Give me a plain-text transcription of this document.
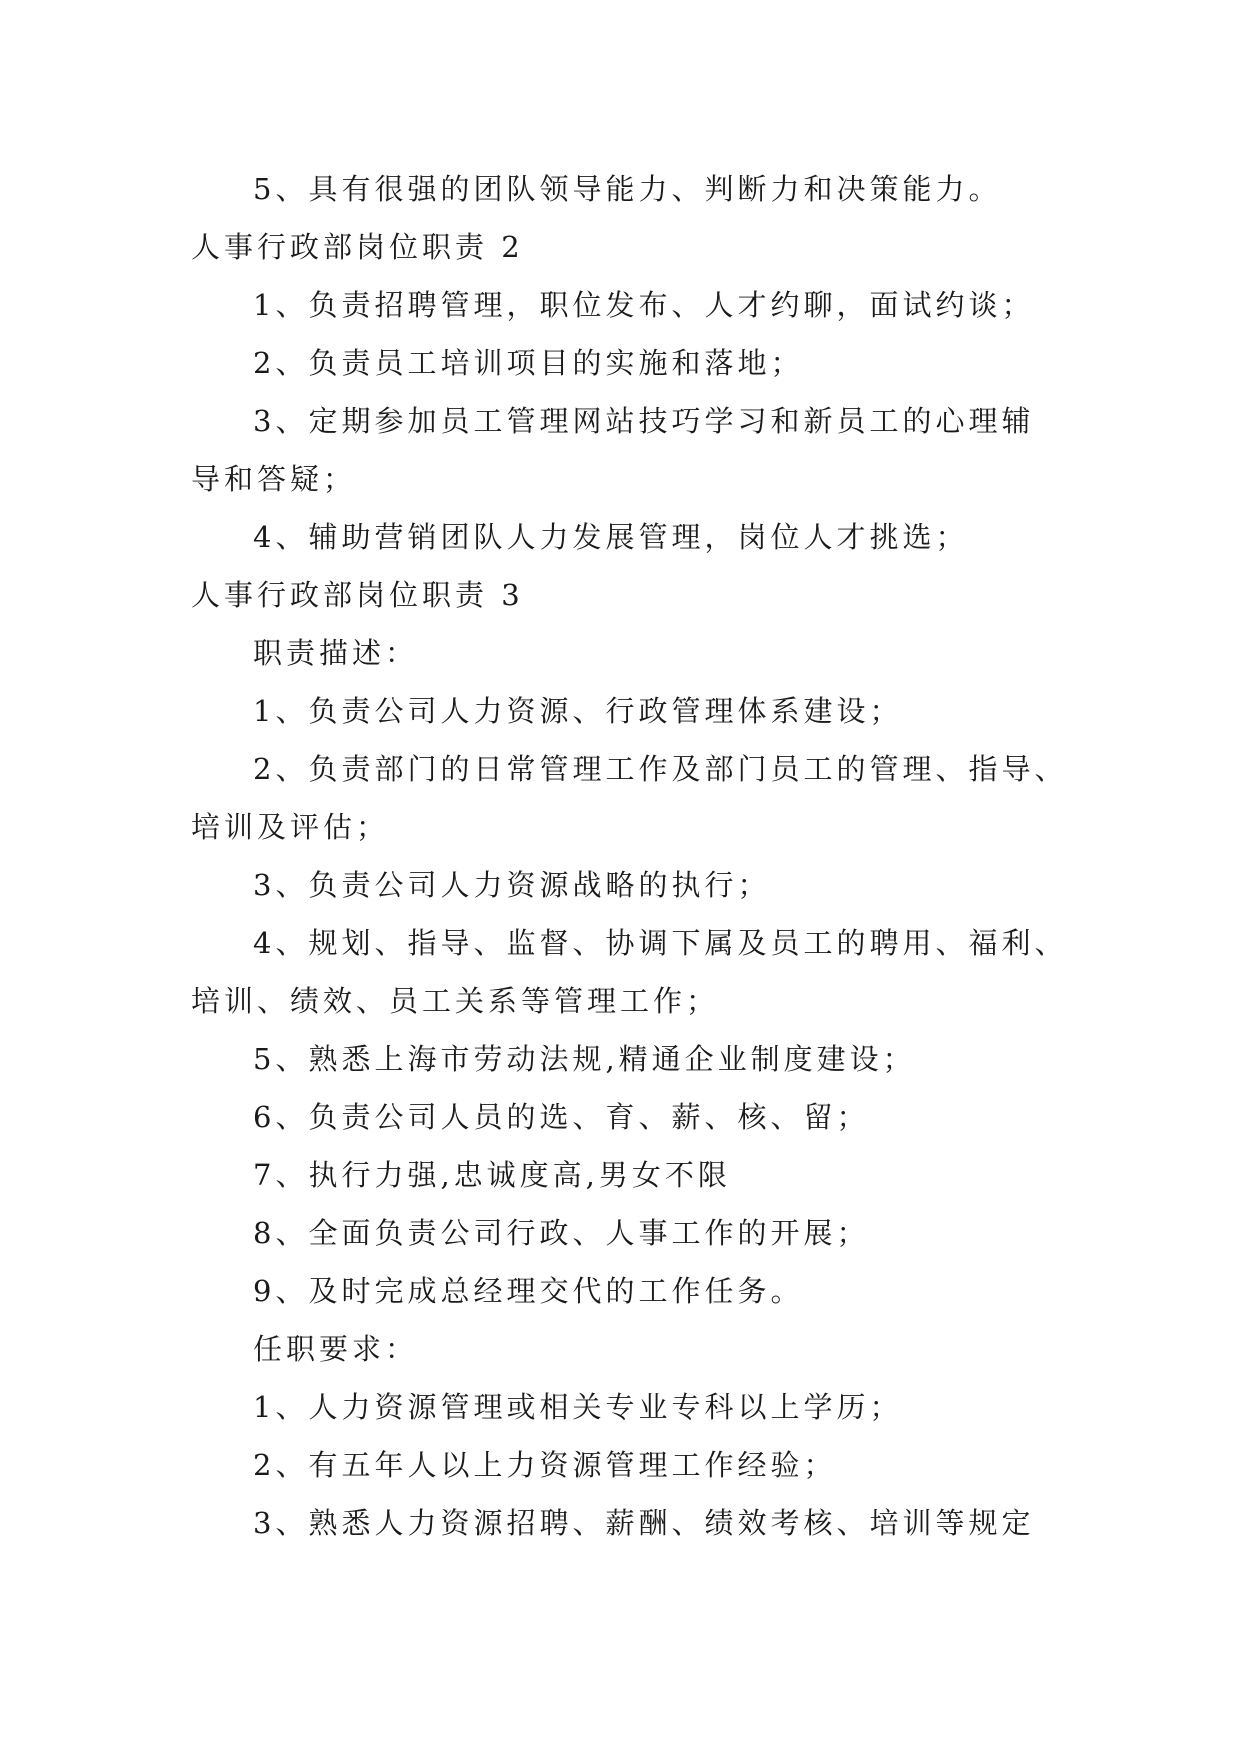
5、具有很强的团队领导能力、判断力和决策能力。
人事行政部岗位职责 2
1、负责招聘管理，职位发布、人才约聊，面试约谈；
2、负责员工培训项目的实施和落地；
3、定期参加员工管理网站技巧学习和新员工的心理辅
导和答疑；
4、辅助营销团队人力发展管理，岗位人才挑选；
人事行政部岗位职责 3
职责描述：
1、负责公司人力资源、行政管理体系建设；
2、负责部门的日常管理工作及部门员工的管理、指导、
培训及评估；
3、负责公司人力资源战略的执行；
4、规划、指导、监督、协调下属及员工的聘用、福利、
培训、绩效、员工关系等管理工作；
5、熟悉上海市劳动法规,精通企业制度建设；
6、负责公司人员的选、育、薪、核、留；
7、执行力强,忠诚度高,男女不限
8、全面负责公司行政、人事工作的开展；
9、及时完成总经理交代的工作任务。
任职要求：
1、人力资源管理或相关专业专科以上学历；
2、有五年人以上力资源管理工作经验；
3、熟悉人力资源招聘、薪酬、绩效考核、培训等规定
